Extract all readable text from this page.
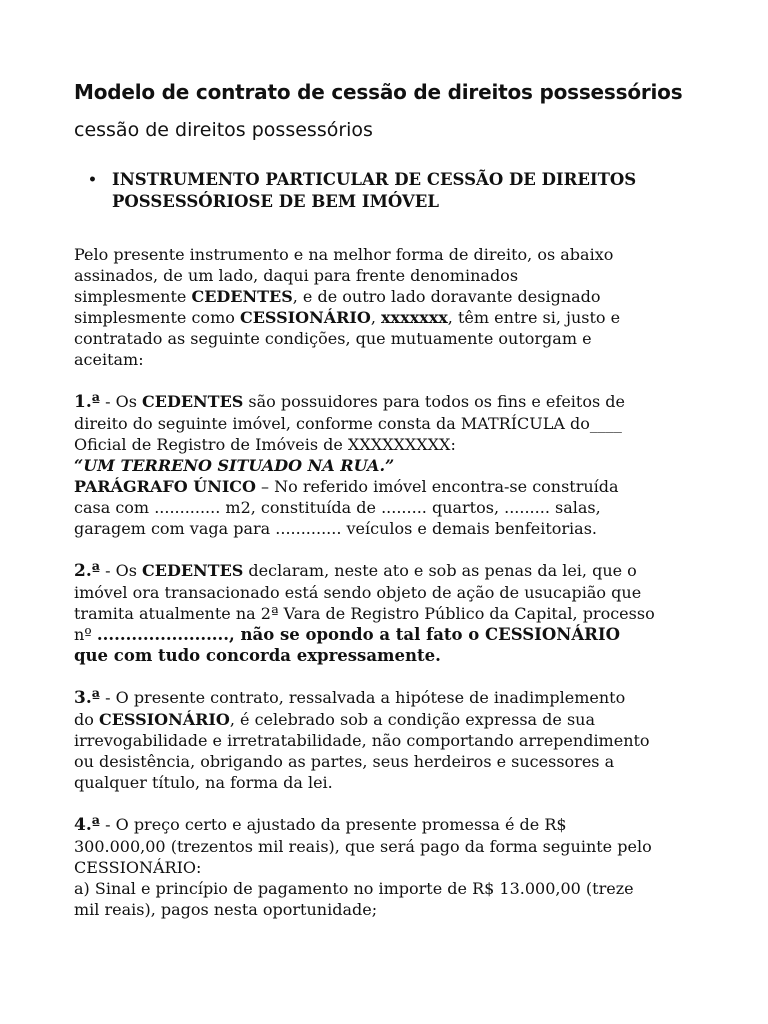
Modelo de contrato de cessão de direitos possessórios
cessão de direitos possessórios
• INSTRUMENTO PARTICULAR DE CESSÃO DE DIREITOS
POSSESSÓRIOSE DE BEM IMÓVEL

Pelo presente instrumento e na melhor forma de direito, os abaixo
assinados, de um lado, daqui para frente denominados
simplesmente CEDENTES, e de outro lado doravante designado
simplesmente como CESSIONÁRIO, xxxxxxx, têm entre si, justo e
contratado as seguinte condições, que mutuamente outorgam e
aceitam:

1.ª - Os CEDENTES são possuidores para todos os fins e efeitos de
direito do seguinte imóvel, conforme consta da MATRÍCULA do____
Oficial de Registro de Imóveis de XXXXXXXXX:
“UM TERRENO SITUADO NA RUA.”
PARÁGRAFO ÚNICO – No referido imóvel encontra-se construída
casa com ............. m2, constituída de ......... quartos, ......... salas,
garagem com vaga para ............. veículos e demais benfeitorias.

2.ª - Os CEDENTES declaram, neste ato e sob as penas da lei, que o
imóvel ora transacionado está sendo objeto de ação de usucapião que
tramita atualmente na 2ª Vara de Registro Público da Capital, processo
nº ......................., não se opondo a tal fato o CESSIONÁRIO
que com tudo concorda expressamente.

3.ª - O presente contrato, ressalvada a hipótese de inadimplemento
do CESSIONÁRIO, é celebrado sob a condição expressa de sua
irrevogabilidade e irretratabilidade, não comportando arrependimento
ou desistência, obrigando as partes, seus herdeiros e sucessores a
qualquer título, na forma da lei.

4.ª - O preço certo e ajustado da presente promessa é de R$
300.000,00 (trezentos mil reais), que será pago da forma seguinte pelo
CESSIONÁRIO:
a) Sinal e princípio de pagamento no importe de R$ 13.000,00 (treze
mil reais), pagos nesta oportunidade;
